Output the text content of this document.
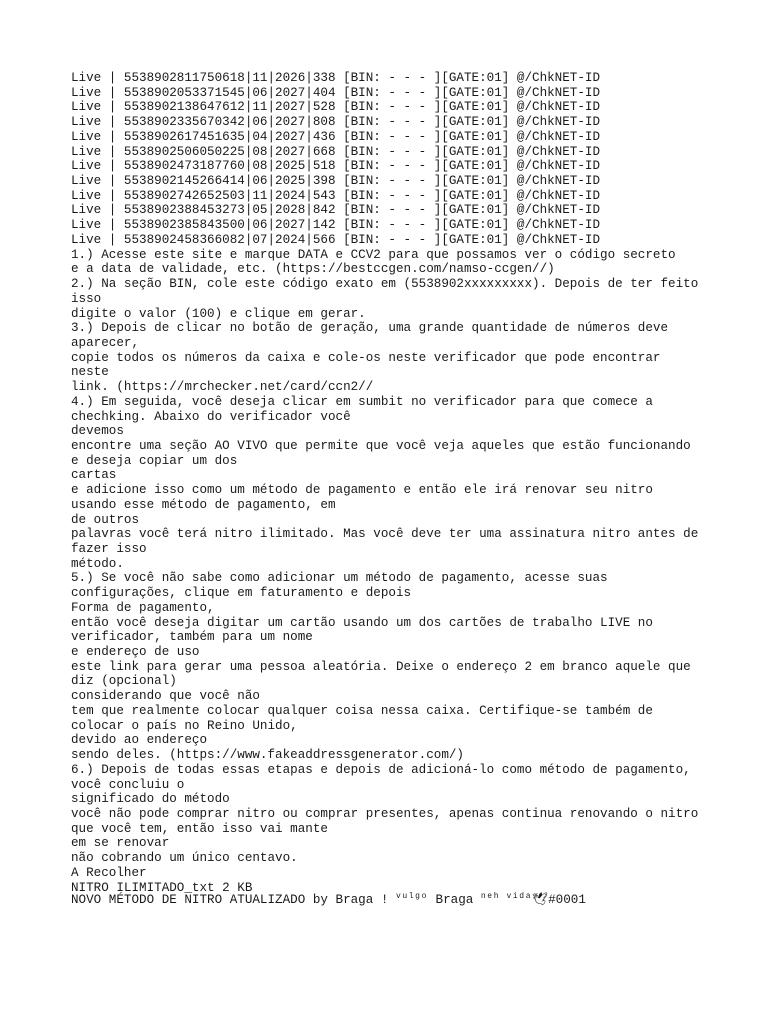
Live | 5538902811750618|11|2026|338 [BIN: - - - ][GATE:01] @/ChkNET-ID
Live | 5538902053371545|06|2027|404 [BIN: - - - ][GATE:01] @/ChkNET-ID
Live | 5538902138647612|11|2027|528 [BIN: - - - ][GATE:01] @/ChkNET-ID
Live | 5538902335670342|06|2027|808 [BIN: - - - ][GATE:01] @/ChkNET-ID
Live | 5538902617451635|04|2027|436 [BIN: - - - ][GATE:01] @/ChkNET-ID
Live | 5538902506050225|08|2027|668 [BIN: - - - ][GATE:01] @/ChkNET-ID
Live | 5538902473187760|08|2025|518 [BIN: - - - ][GATE:01] @/ChkNET-ID
Live | 5538902145266414|06|2025|398 [BIN: - - - ][GATE:01] @/ChkNET-ID
Live | 5538902742652503|11|2024|543 [BIN: - - - ][GATE:01] @/ChkNET-ID
Live | 5538902388453273|05|2028|842 [BIN: - - - ][GATE:01] @/ChkNET-ID
Live | 5538902385843500|06|2027|142 [BIN: - - - ][GATE:01] @/ChkNET-ID
Live | 5538902458366082|07|2024|566 [BIN: - - - ][GATE:01] @/ChkNET-ID
1.) Acesse este site e marque DATA e CCV2 para que possamos ver o código secreto
e a data de validade, etc. (https://bestccgen.com/namso-ccgen//)
2.) Na seção BIN, cole este código exato em (5538902xxxxxxxxx). Depois de ter feito
isso
digite o valor (100) e clique em gerar.
3.) Depois de clicar no botão de geração, uma grande quantidade de números deve
aparecer,
copie todos os números da caixa e cole-os neste verificador que pode encontrar
neste
link. (https://mrchecker.net/card/ccn2//
4.) Em seguida, você deseja clicar em sumbit no verificador para que comece a
chechking. Abaixo do verificador você
devemos
encontre uma seção AO VIVO que permite que você veja aqueles que estão funcionando
e deseja copiar um dos
cartas
e adicione isso como um método de pagamento e então ele irá renovar seu nitro
usando esse método de pagamento, em
de outros
palavras você terá nitro ilimitado. Mas você deve ter uma assinatura nitro antes de
fazer isso
método.
5.) Se você não sabe como adicionar um método de pagamento, acesse suas
configurações, clique em faturamento e depois
Forma de pagamento,
então você deseja digitar um cartão usando um dos cartões de trabalho LIVE no
verificador, também para um nome
e endereço de uso
este link para gerar uma pessoa aleatória. Deixe o endereço 2 em branco aquele que
diz (opcional)
considerando que você não
tem que realmente colocar qualquer coisa nessa caixa. Certifique-se também de
colocar o país no Reino Unido,
devido ao endereço
sendo deles. (https://www.fakeaddressgenerator.com/)
6.) Depois de todas essas etapas e depois de adicioná-lo como método de pagamento,
você concluiu o
significado do método
você não pode comprar nitro ou comprar presentes, apenas continua renovando o nitro
que você tem, então isso vai mante
em se renovar
não cobrando um único centavo.
A Recolher
NITRO ILIMITADO_txt 2 KB
NOVO MÉTODO DE NITRO ATUALIZADO by Braga ! $^{vulgo}$ Braga $^{neh vida}$🕊#0001
